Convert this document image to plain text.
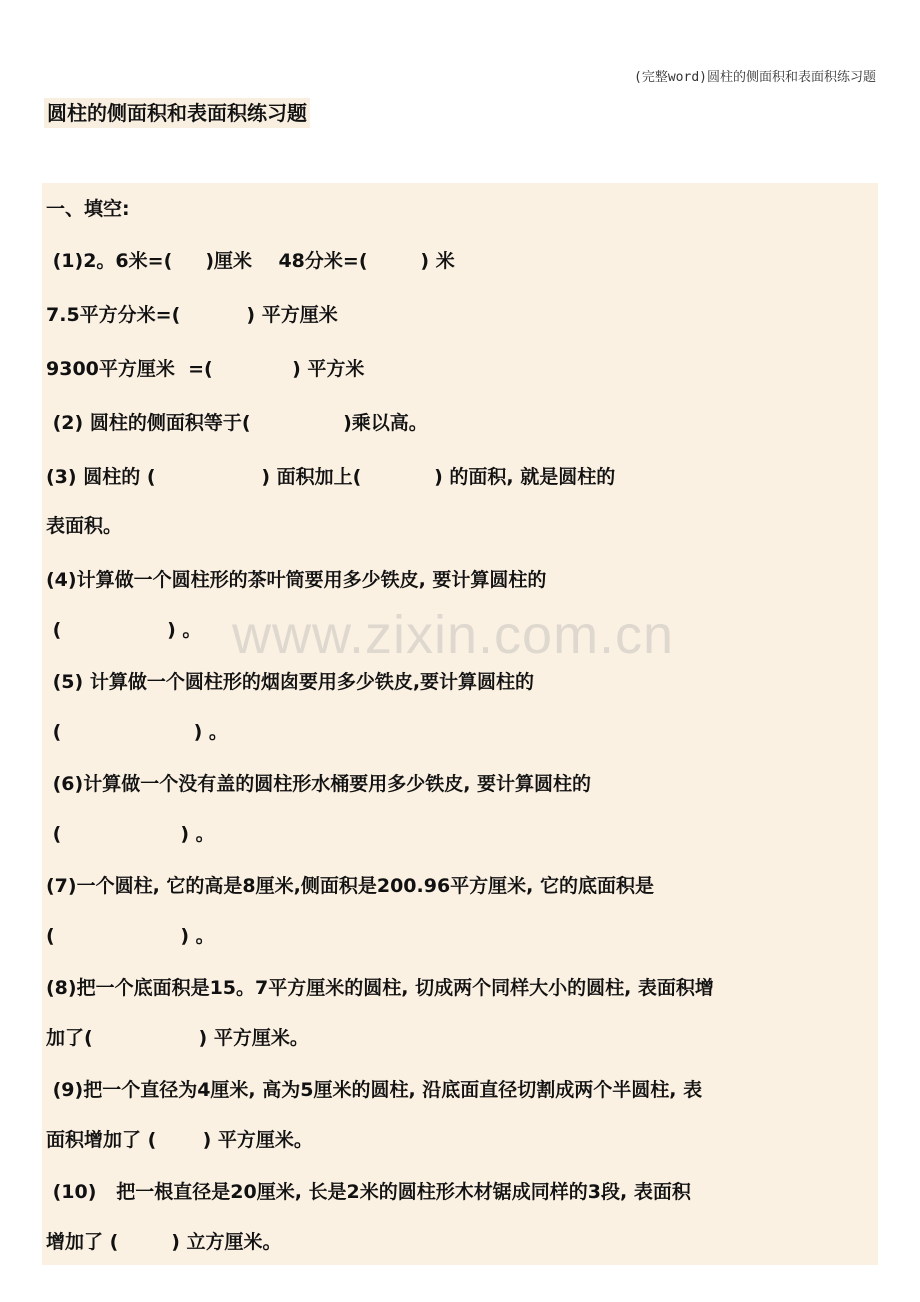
(完整word)圆柱的侧面积和表面积练习题
圆柱的侧面积和表面积练习题
一、填空:
(1)2。6米=(     )厘米    48分米=(        ) 米
7.5平方分米=(          ) 平方厘米
9300平方厘米  =(            ) 平方米
(2) 圆柱的侧面积等于(              )乘以高。
(3) 圆柱的 (                ) 面积加上(           ) 的面积, 就是圆柱的
表面积。
(4)计算做一个圆柱形的茶叶筒要用多少铁皮, 要计算圆柱的
(                ) 。
(5) 计算做一个圆柱形的烟囱要用多少铁皮,要计算圆柱的
(                    ) 。
(6)计算做一个没有盖的圆柱形水桶要用多少铁皮, 要计算圆柱的
(                  ) 。
(7)一个圆柱, 它的高是8厘米,侧面积是200.96平方厘米, 它的底面积是
(                   ) 。
(8)把一个底面积是15。7平方厘米的圆柱, 切成两个同样大小的圆柱, 表面积增
加了(                ) 平方厘米。
(9)把一个直径为4厘米, 高为5厘米的圆柱, 沿底面直径切割成两个半圆柱, 表
面积增加了 (       ) 平方厘米。
(10)   把一根直径是20厘米, 长是2米的圆柱形木材锯成同样的3段, 表面积
增加了 (        ) 立方厘米。
www.zixin.com.cn
